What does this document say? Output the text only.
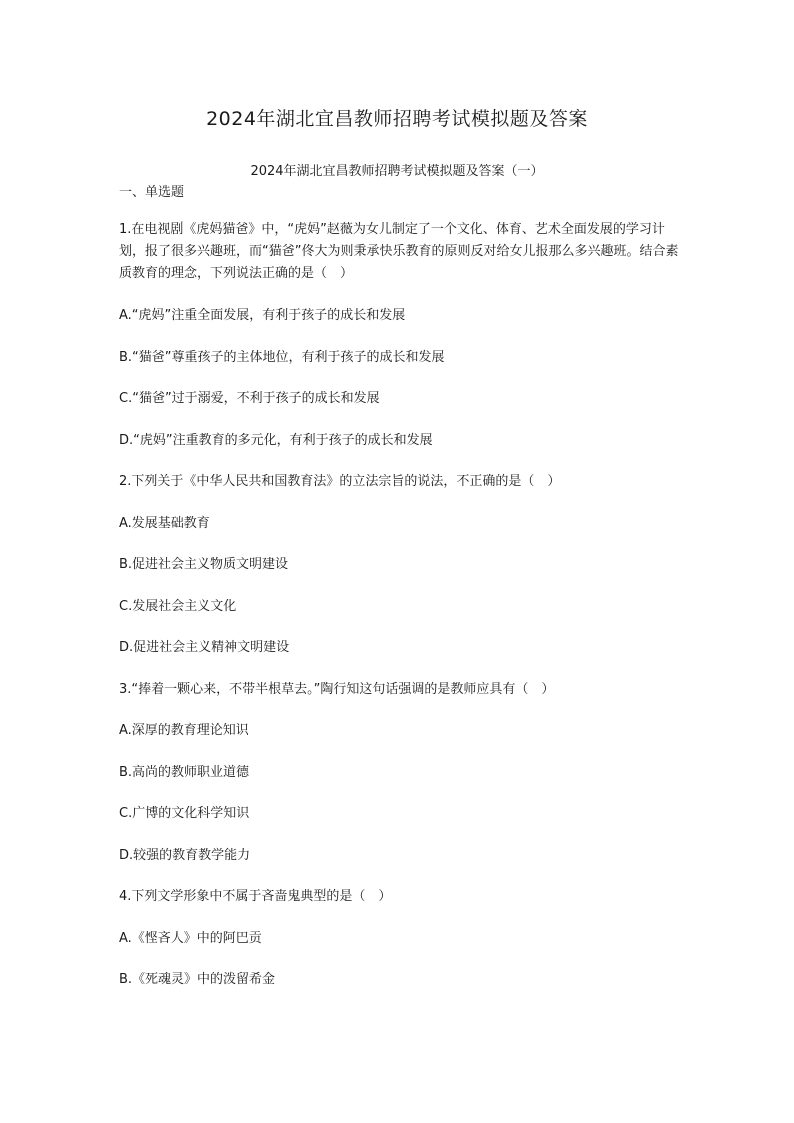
2024年湖北宜昌教师招聘考试模拟题及答案
2024年湖北宜昌教师招聘考试模拟题及答案（一）
一、单选题
1.在电视剧《虎妈猫爸》中，“虎妈”赵薇为女儿制定了一个文化、体育、艺术全面发展的学习计划，报了很多兴趣班，而“猫爸”佟大为则秉承快乐教育的原则反对给女儿报那么多兴趣班。结合素质教育的理念，下列说法正确的是（　）
A.“虎妈”注重全面发展，有利于孩子的成长和发展
B.“猫爸”尊重孩子的主体地位，有利于孩子的成长和发展
C.“猫爸”过于溺爱，不利于孩子的成长和发展
D.“虎妈”注重教育的多元化，有利于孩子的成长和发展
2.下列关于《中华人民共和国教育法》的立法宗旨的说法，不正确的是（　）
A.发展基础教育
B.促进社会主义物质文明建设
C.发展社会主义文化
D.促进社会主义精神文明建设
3.“捧着一颗心来，不带半根草去。”陶行知这句话强调的是教师应具有（　）
A.深厚的教育理论知识
B.高尚的教师职业道德
C.广博的文化科学知识
D.较强的教育教学能力
4.下列文学形象中不属于吝啬鬼典型的是（　）
A.《悭吝人》中的阿巴贡
B.《死魂灵》中的泼留希金
